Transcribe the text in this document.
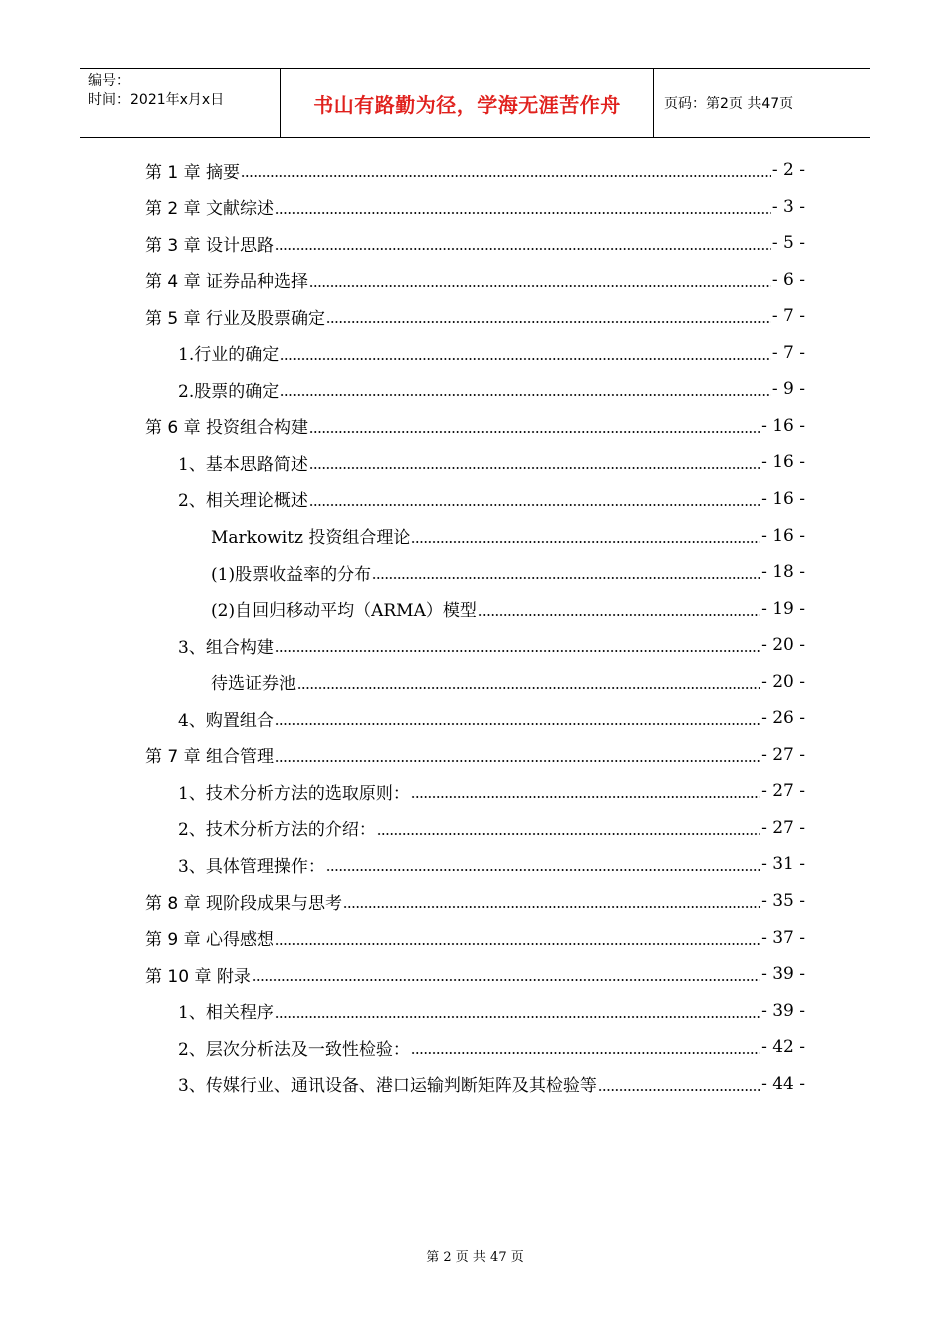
编号：
时间：2021年x月x日	书山有路勤为径，学海无涯苦作舟	页码：第2页 共47页
第 1 章 摘要	- 2 -
第 2 章 文献综述	- 3 -
第 3 章 设计思路	- 5 -
第 4 章 证券品种选择	- 6 -
第 5 章 行业及股票确定	- 7 -
1.行业的确定	- 7 -
2.股票的确定	- 9 -
第 6 章 投资组合构建	- 16 -
1、基本思路简述	- 16 -
2、相关理论概述	- 16 -
Markowitz 投资组合理论	- 16 -
(1)股票收益率的分布	- 18 -
(2)自回归移动平均（ARMA）模型	- 19 -
3、组合构建	- 20 -
待选证券池	- 20 -
4、购置组合	- 26 -
第 7 章 组合管理	- 27 -
1、技术分析方法的选取原则：	- 27 -
2、技术分析方法的介绍：	- 27 -
3、具体管理操作：	- 31 -
第 8 章 现阶段成果与思考	- 35 -
第 9 章 心得感想	- 37 -
第 10 章 附录	- 39 -
1、相关程序	- 39 -
2、层次分析法及一致性检验：	- 42 -
3、传媒行业、通讯设备、港口运输判断矩阵及其检验等	- 44 -
第 2 页 共 47 页
